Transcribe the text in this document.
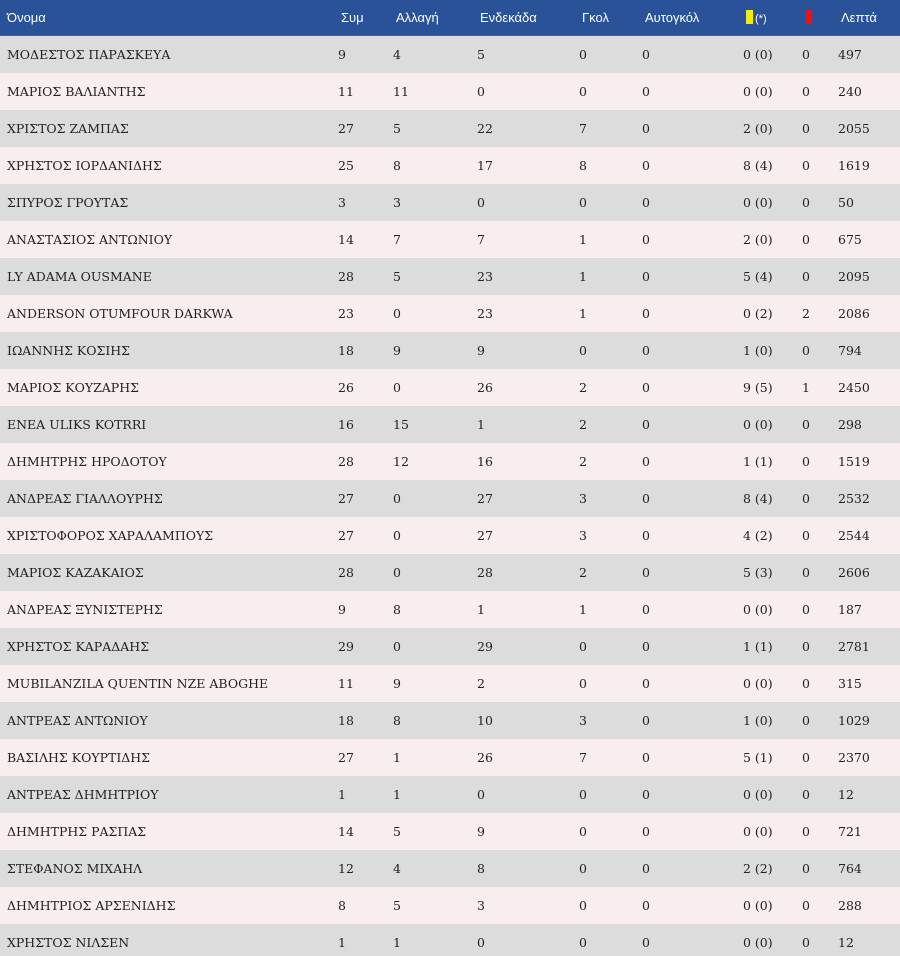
Όνομα	Συμ	Αλλαγή	Ενδεκάδα	Γκολ	Αυτογκόλ	(*)		Λεπτά
ΜΟΔΕΣΤΟΣ ΠΑΡΑΣΚΕΥΑ	9	4	5	0	0	0 (0)	0	497
ΜΑΡΙΟΣ ΒΑΛΙΑΝΤΗΣ	11	11	0	0	0	0 (0)	0	240
ΧΡΙΣΤΟΣ ΖΑΜΠΑΣ	27	5	22	7	0	2 (0)	0	2055
ΧΡΗΣΤΟΣ ΙΟΡΔΑΝΙΔΗΣ	25	8	17	8	0	8 (4)	0	1619
ΣΠΥΡΟΣ ΓΡΟΥΤΑΣ	3	3	0	0	0	0 (0)	0	50
ΑΝΑΣΤΑΣΙΟΣ ΑΝΤΩΝΙΟΥ	14	7	7	1	0	2 (0)	0	675
LY ADAMA OUSMANE	28	5	23	1	0	5 (4)	0	2095
ANDERSON OTUMFOUR DARKWA	23	0	23	1	0	0 (2)	2	2086
ΙΩΑΝΝΗΣ ΚΟΣΙΗΣ	18	9	9	0	0	1 (0)	0	794
ΜΑΡΙΟΣ ΚΟΥΖΑΡΗΣ	26	0	26	2	0	9 (5)	1	2450
ENEA ULIKS KOTRRI	16	15	1	2	0	0 (0)	0	298
ΔΗΜΗΤΡΗΣ ΗΡΟΔΟΤΟΥ	28	12	16	2	0	1 (1)	0	1519
ΑΝΔΡΕΑΣ ΓΙΑΛΛΟΥΡΗΣ	27	0	27	3	0	8 (4)	0	2532
ΧΡΙΣΤΟΦΟΡΟΣ ΧΑΡΑΛΑΜΠΟΥΣ	27	0	27	3	0	4 (2)	0	2544
ΜΑΡΙΟΣ ΚΑΖΑΚΑΙΟΣ	28	0	28	2	0	5 (3)	0	2606
ΑΝΔΡΕΑΣ ΞΥΝΙΣΤΕΡΗΣ	9	8	1	1	0	0 (0)	0	187
ΧΡΗΣΤΟΣ ΚΑΡΑΔΑΗΣ	29	0	29	0	0	1 (1)	0	2781
MUBILANZILA QUENTIN NZE ABOGHE	11	9	2	0	0	0 (0)	0	315
ΑΝΤΡΕΑΣ ΑΝΤΩΝΙΟΥ	18	8	10	3	0	1 (0)	0	1029
ΒΑΣΙΛΗΣ ΚΟΥΡΤΙΔΗΣ	27	1	26	7	0	5 (1)	0	2370
ΑΝΤΡΕΑΣ ΔΗΜΗΤΡΙΟΥ	1	1	0	0	0	0 (0)	0	12
ΔΗΜΗΤΡΗΣ ΡΑΣΠΑΣ	14	5	9	0	0	0 (0)	0	721
ΣΤΕΦΑΝΟΣ ΜΙΧΑΗΛ	12	4	8	0	0	2 (2)	0	764
ΔΗΜΗΤΡΙΟΣ ΑΡΣΕΝΙΔΗΣ	8	5	3	0	0	0 (0)	0	288
ΧΡΗΣΤΟΣ ΝΙΛΣΕΝ	1	1	0	0	0	0 (0)	0	12
